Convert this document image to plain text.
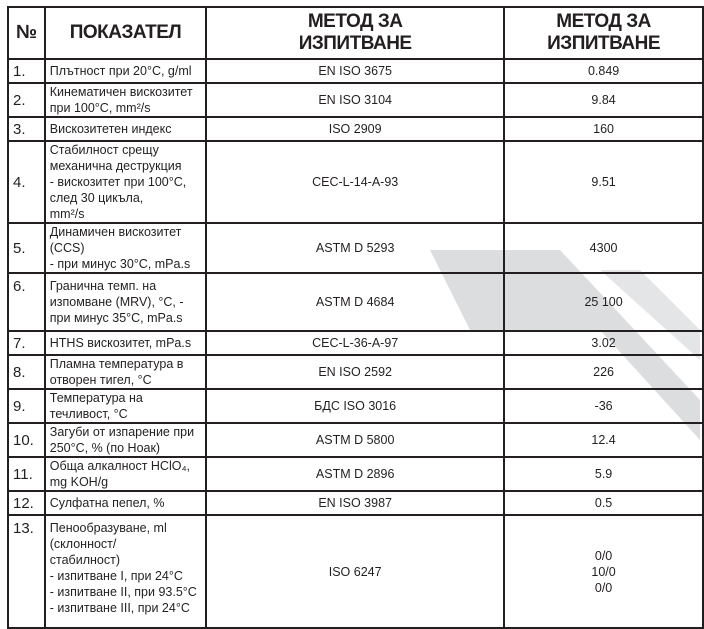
№	ПОКАЗАТЕЛ	МЕТОД ЗА ИЗПИТВАНЕ	МЕТОД ЗА ИЗПИТВАНЕ
1.	Плътност при 20°C, g/ml	EN ISO 3675	0.849

2.	Кинематичен вискозитет при 100°C, mm²/s	EN ISO 3104	9.84

3.	Вискозитетен индекс	ISO 2909	160

4.	Стабилност срещу механична деструкция
- вискозитет при 100°C, след 30 цикъла,
mm²/s	CEC-L-14-A-93	9.51

5.	Динамичен вискозитет (CCS)
- при минус 30°C, mPa.s	ASTM D 5293	4300

6.	Гранична темп. на изпомване (MRV), °C, -
при минус 35°C, mPa.s	ASTM D 4684	25 100

7.	HTHS вискозитет, mPa.s	CEC-L-36-A-97	3.02

8.	Пламна температура в отворен тигел, °C	EN ISO 2592	226

9.	Температура на течливост, °C	БДС ISO 3016	-36

10.	Загуби от изпарение при 250°C, % (по Ноак)	ASTM D 5800	12.4

11.	Обща алкалност HClO₄, mg KOH/g	ASTM D 2896	5.9

12.	Сулфатна пепел, %	EN ISO 3987	0.5

13.	Пенообразуване, ml (склонност/
стабилност)
- изпитване I, при 24°C
- изпитване II, при 93.5°C
- изпитване III, при 24°C	ISO 6247	0/0
10/0
0/0
